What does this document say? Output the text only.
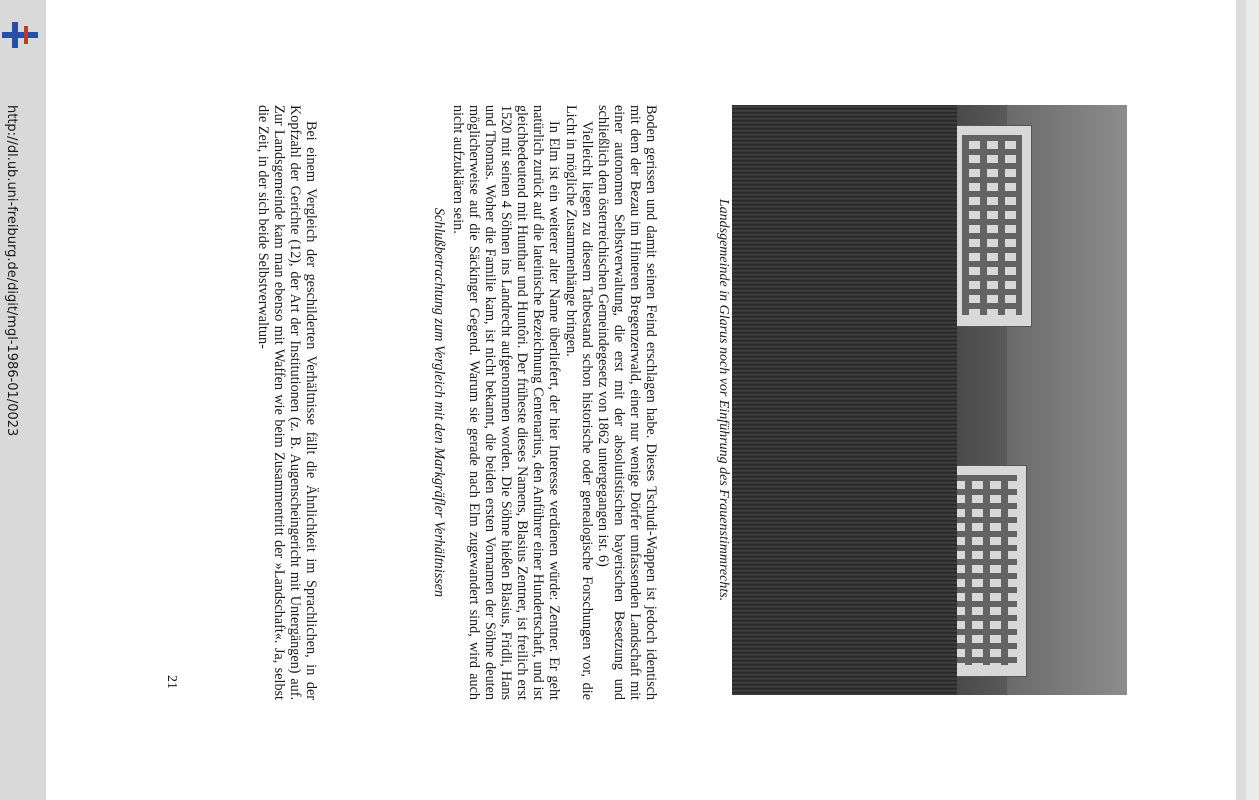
Landsgemeinde in Glarus noch vor Einführung des Frauenstimmrechts.

Boden gerissen und damit seinen Feind erschlagen habe. Dieses Tschudi-Wappen ist jedoch identisch mit dem der Bezau im Hinteren Bregenzerwald, einer nur wenige Dörfer umfassenden Landschaft mit einer autonomen Selbstverwaltung, die erst mit der absolutistischen bayerischen Besetzung und schließlich dem österreichischen Gemeindegesetz von 1862 untergegangen ist. 6)

Vielleicht liegen zu diesem Tatbestand schon historische oder genealogische Forschungen vor, die Licht in mögliche Zusammenhänge bringen.

In Elm ist ein weiterer alter Name überliefert, der hier Interesse verdienen würde: Zentner. Er geht natürlich zurück auf die lateinische Bezeichnung Centenarius, den Anführer einer Hundertschaft, und ist gleichbedeutend mit Hunthar und Huntôri. Der früheste dieses Namens, Blasius Zentner, ist freilich erst 1520 mit seinen 4 Söhnen ins Landrecht aufgenommen worden. Die Söhne hießen Blasius, Fridli, Hans und Thomas. Woher die Familie kam, ist nicht bekannt, die beiden ersten Vornamen der Söhne deuten möglicherweise auf die Säckinger Gegend. Warum sie gerade nach Elm zugewandert sind, wird auch nicht aufzuklären sein.

Schlußbetrachtung zum Vergleich mit den Markgräfler Verhältnissen

Bei einem Vergleich der geschilderten Verhältnisse fällt die Ähnlichkeit im Sprachlichen, in der Kopfzahl der Gerichte (12), der Art der Institutionen (z. B. Augenscheingericht mit Untergängen) auf. Zur Landsgemeinde kam man ebenso mit Waffen wie beim Zusammentritt der »Landschaft«. Ja, selbst die Zeit, in der sich beide Selbstverwaltun-

21
http://dl.ub.uni-freiburg.de/digit/mgl-1986-01/0023
